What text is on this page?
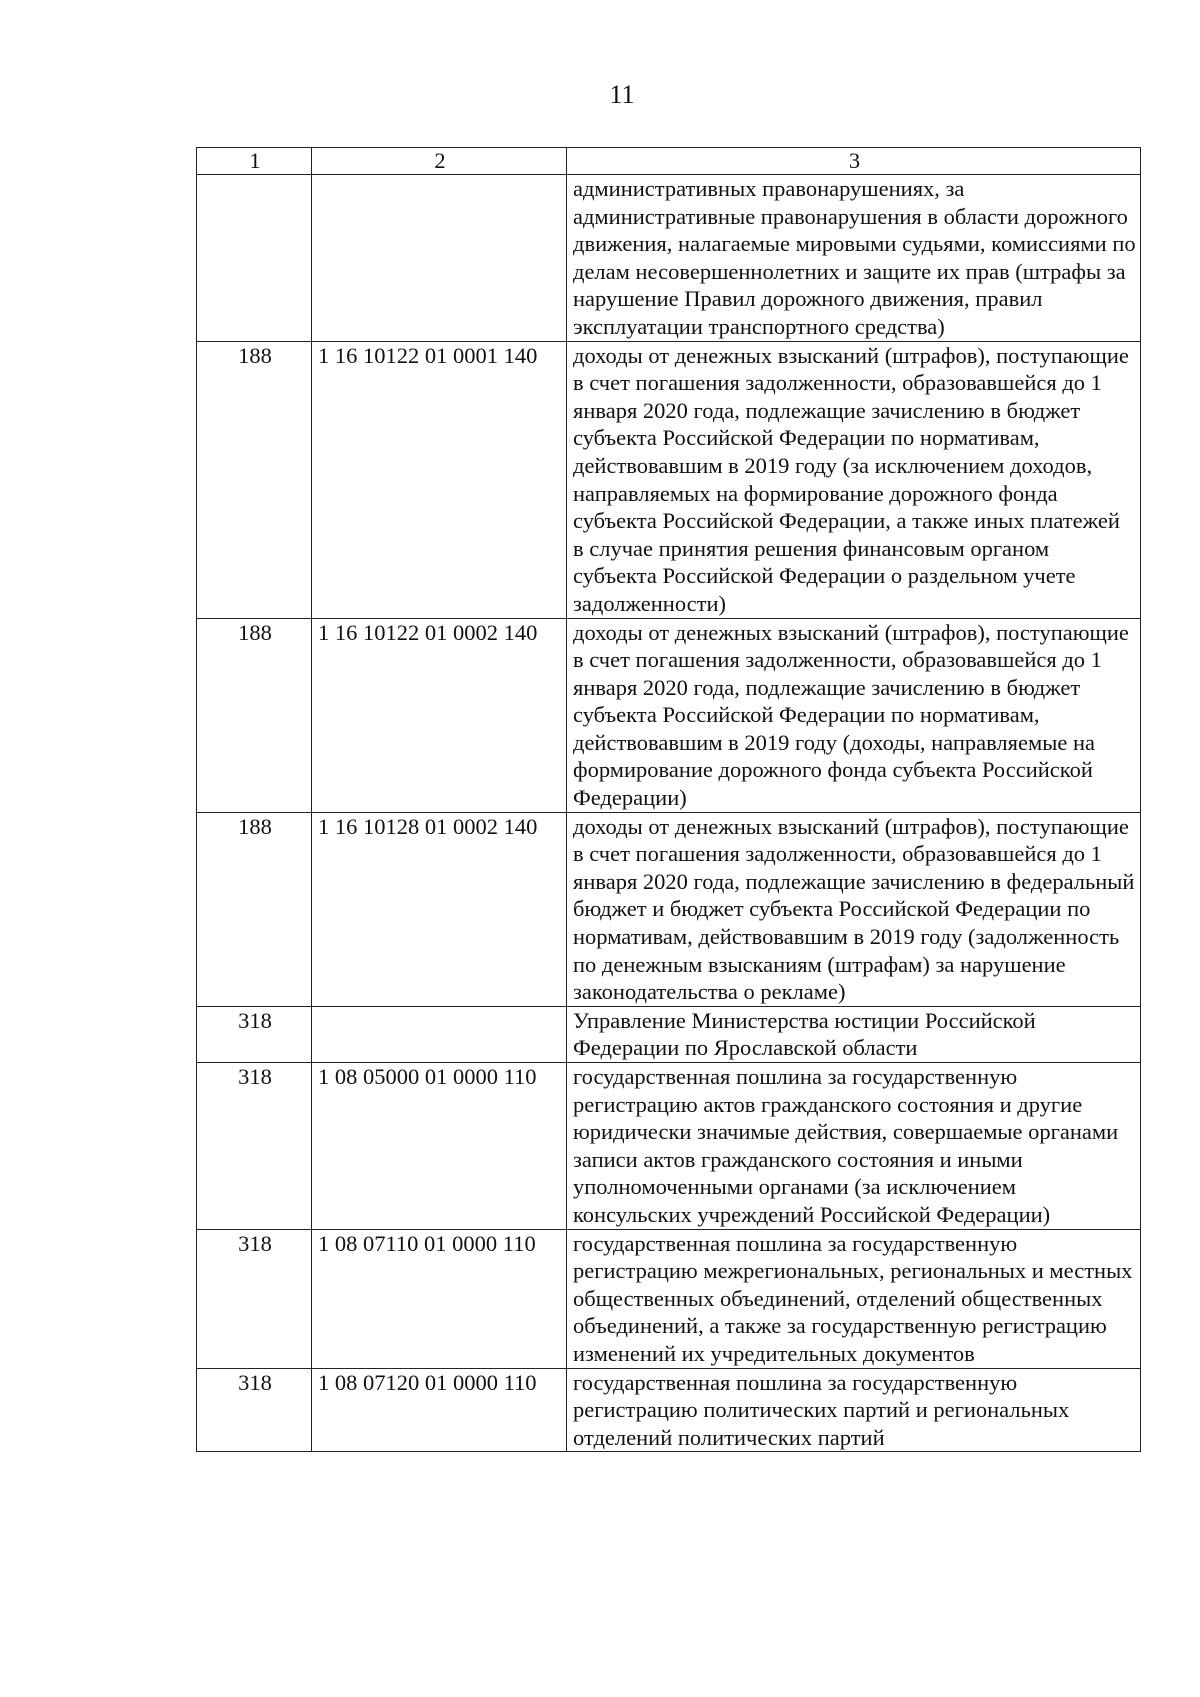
11
1	2	3
		административных правонарушениях, за административные правонарушения в области дорожного движения, налагаемые мировыми судьями, комиссиями по делам несовершеннолетних и защите их прав (штрафы за нарушение Правил дорожного движения, правил эксплуатации транспортного средства)
188	1 16 10122 01 0001 140	доходы от денежных взысканий (штрафов), поступающие в счет погашения задолженности, образовавшейся до 1 января 2020 года, подлежащие зачислению в бюджет субъекта Российской Федерации по нормативам, действовавшим в 2019 году (за исключением доходов, направляемых на формирование дорожного фонда субъекта Российской Федерации, а также иных платежей в случае принятия решения финансовым органом субъекта Российской Федерации о раздельном учете задолженности)
188	1 16 10122 01 0002 140	доходы от денежных взысканий (штрафов), поступающие в счет погашения задолженности, образовавшейся до 1 января 2020 года, подлежащие зачислению в бюджет субъекта Российской Федерации по нормативам, действовавшим в 2019 году (доходы, направляемые на формирование дорожного фонда субъекта Российской Федерации)
188	1 16 10128 01 0002 140	доходы от денежных взысканий (штрафов), поступающие в счет погашения задолженности, образовавшейся до 1 января 2020 года, подлежащие зачислению в федеральный бюджет и бюджет субъекта Российской Федерации по нормативам, действовавшим в 2019 году (задолженность по денежным взысканиям (штрафам) за нарушение законодательства о рекламе)
318		Управление Министерства юстиции Российской Федерации по Ярославской области
318	1 08 05000 01 0000 110	государственная пошлина за государственную регистрацию актов гражданского состояния и другие юридически значимые действия, совершаемые органами записи актов гражданского состояния и иными уполномоченными органами (за исключением консульских учреждений Российской Федерации)
318	1 08 07110 01 0000 110	государственная пошлина за государственную регистрацию межрегиональных, региональных и местных общественных объединений, отделений общественных объединений, а также за государственную регистрацию изменений их учредительных документов
318	1 08 07120 01 0000 110	государственная пошлина за государственную регистрацию политических партий и региональных отделений политических партий
